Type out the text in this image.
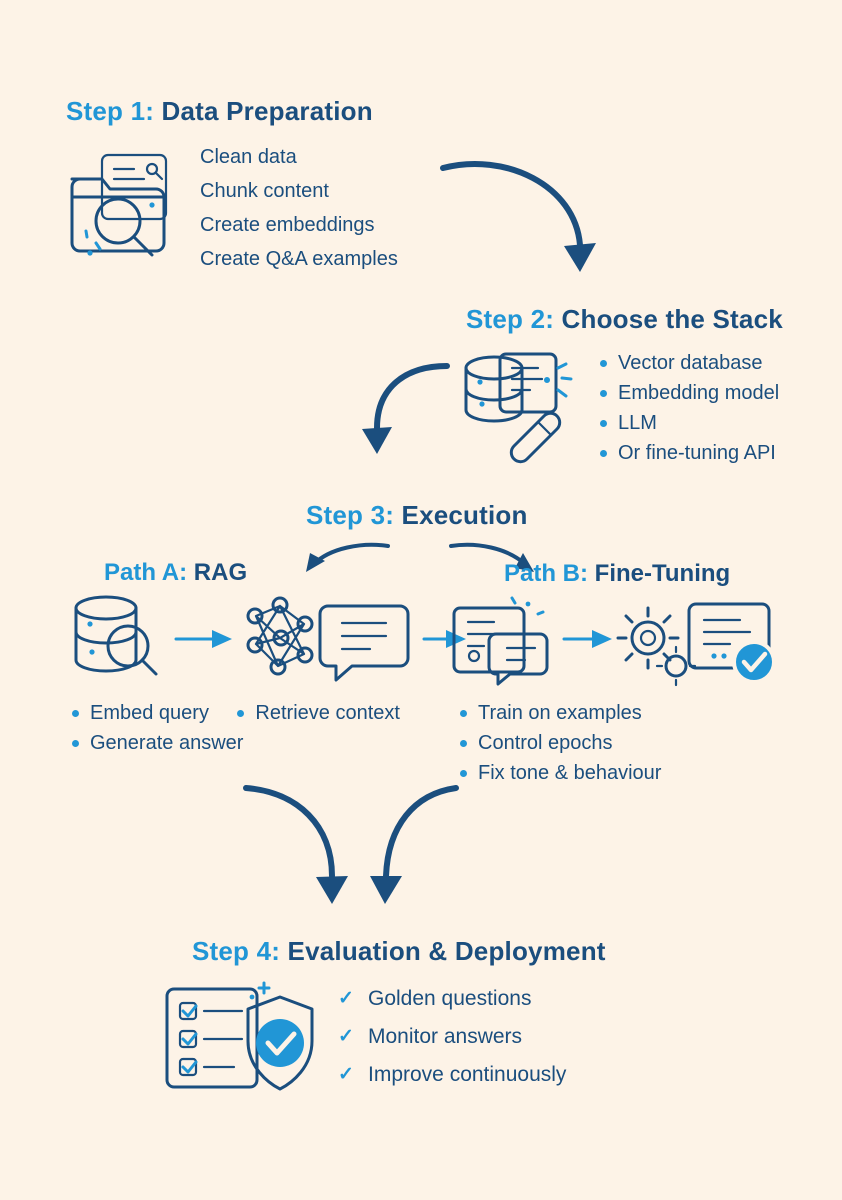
Step 1: Data Preparation
Clean data
Chunk content
Create embeddings
Create Q&A examples
Step 2: Choose the Stack
Vector database
Embedding model
LLM
Or fine-tuning API
Step 3: Execution
Path A: RAG
Embed query Retrieve context
Generate answer
Path B: Fine-Tuning
Train on examples
Control epochs
Fix tone & behaviour
Step 4: Evaluation & Deployment
✓ Golden questions
✓ Monitor answers
✓ Improve continuously
